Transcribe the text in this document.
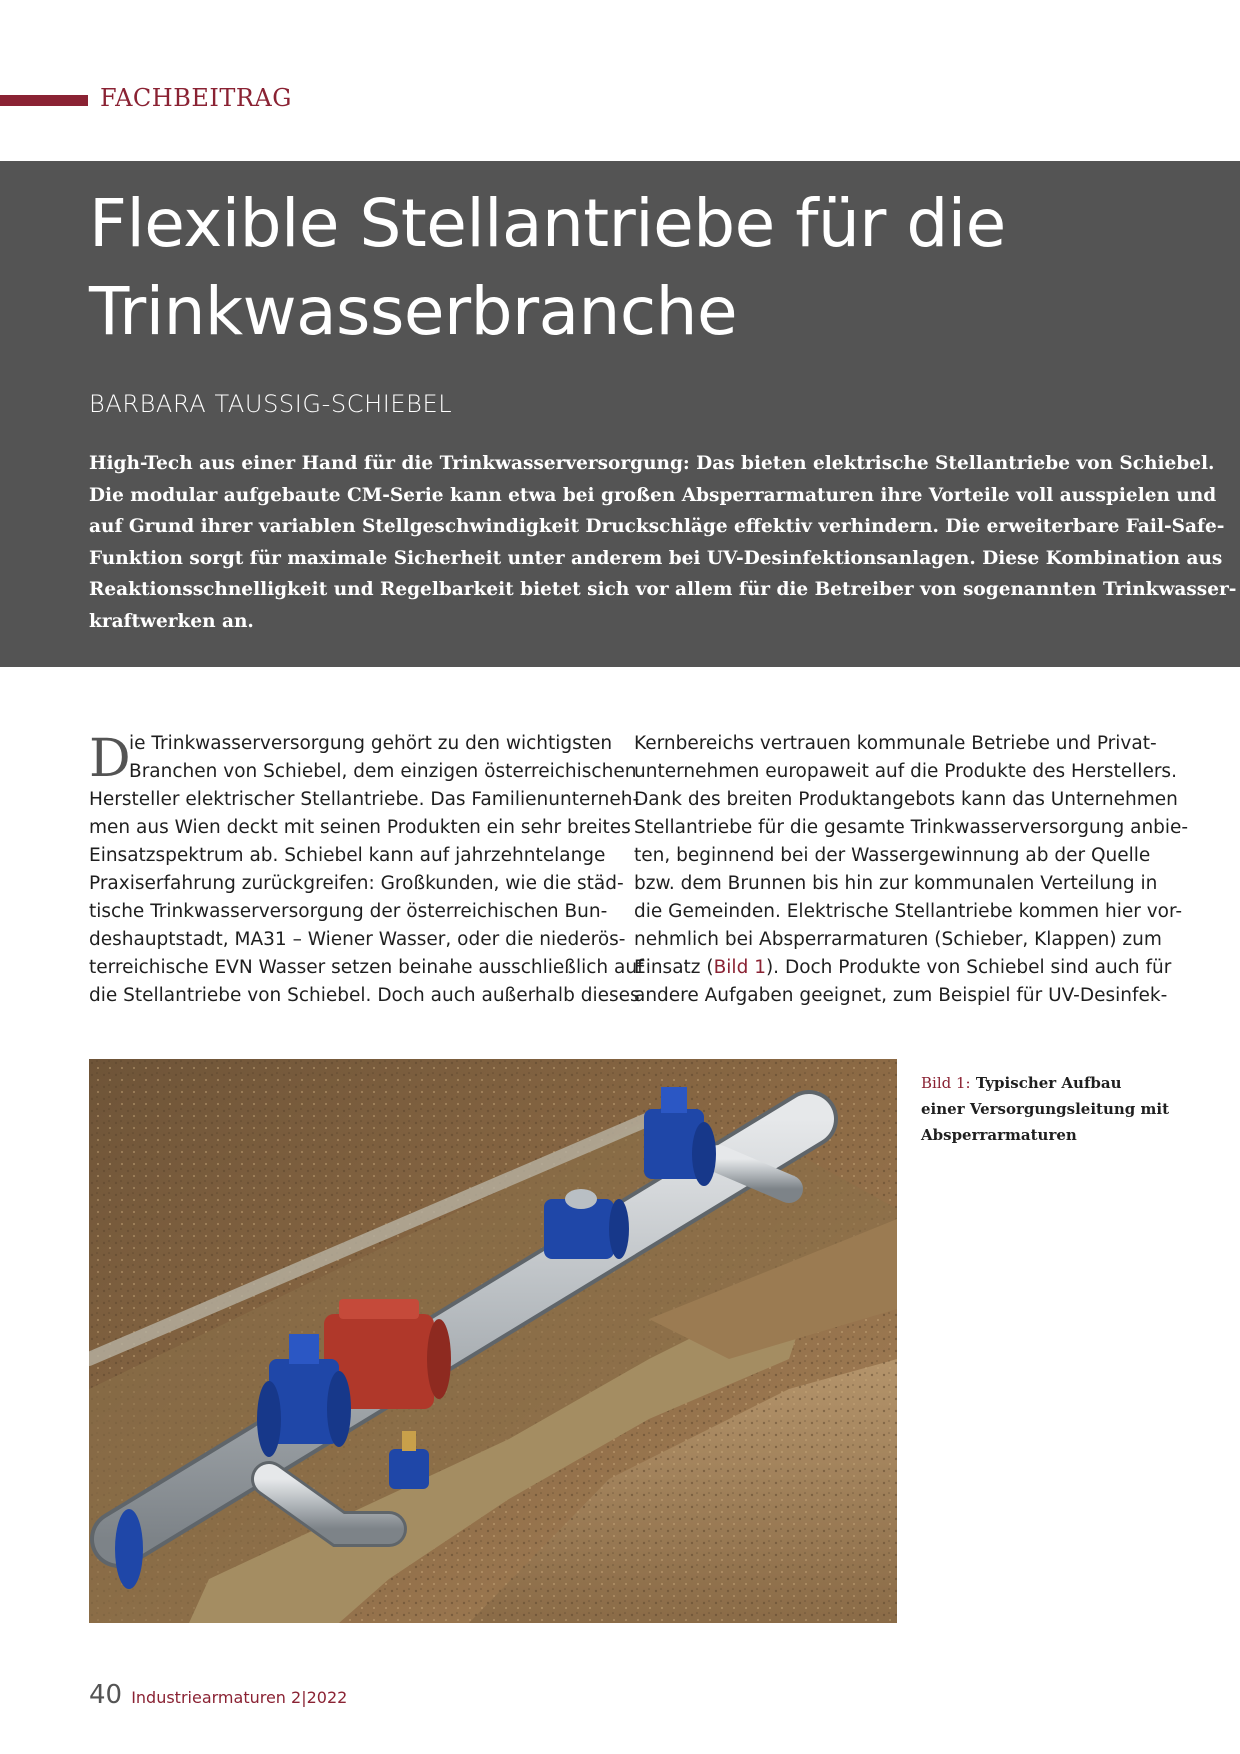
FACHBEITRAG
Flexible Stellantriebe für die
Trinkwasserbranche
BARBARA TAUSSIG-SCHIEBEL
High-Tech aus einer Hand für die Trinkwasserversorgung: Das bieten elektrische Stellantriebe von Schiebel.
Die modular aufgebaute CM-Serie kann etwa bei großen Absperrarmaturen ihre Vorteile voll ausspielen und
auf Grund ihrer variablen Stellgeschwindigkeit Druckschläge effektiv verhindern. Die erweiterbare Fail-Safe-
Funktion sorgt für maximale Sicherheit unter anderem bei UV-Desinfektionsanlagen. Diese Kombination aus
Reaktionsschnelligkeit und Regelbarkeit bietet sich vor allem für die Betreiber von sogenannten Trinkwasser-
kraftwerken an.
D
ie Trinkwasserversorgung gehört zu den wichtigsten
Branchen von Schiebel, dem einzigen österreichischen
Hersteller elektrischer Stellantriebe. Das Familienunterneh-
men aus Wien deckt mit seinen Produkten ein sehr breites
Einsatzspektrum ab. Schiebel kann auf jahrzehntelange
Praxiserfahrung zurückgreifen: Großkunden, wie die städ-
tische Trinkwasserversorgung der österreichischen Bun-
deshauptstadt, MA31 – Wiener Wasser, oder die niederös-
terreichische EVN Wasser setzen beinahe ausschließlich auf
die Stellantriebe von Schiebel. Doch auch außerhalb dieses
Kernbereichs vertrauen kommunale Betriebe und Privat-
unternehmen europaweit auf die Produkte des Herstellers.
Dank des breiten Produktangebots kann das Unternehmen
Stellantriebe für die gesamte Trinkwasserversorgung anbie-
ten, beginnend bei der Wassergewinnung ab der Quelle
bzw. dem Brunnen bis hin zur kommunalen Verteilung in
die Gemeinden. Elektrische Stellantriebe kommen hier vor-
nehmlich bei Absperrarmaturen (Schieber, Klappen) zum
Einsatz (Bild 1). Doch Produkte von Schiebel sind auch für
andere Aufgaben geeignet, zum Beispiel für UV-Desinfek-
Bild 1: Typischer Aufbau
einer Versorgungsleitung mit
Absperrarmaturen
40 Industriearmaturen 2|2022
